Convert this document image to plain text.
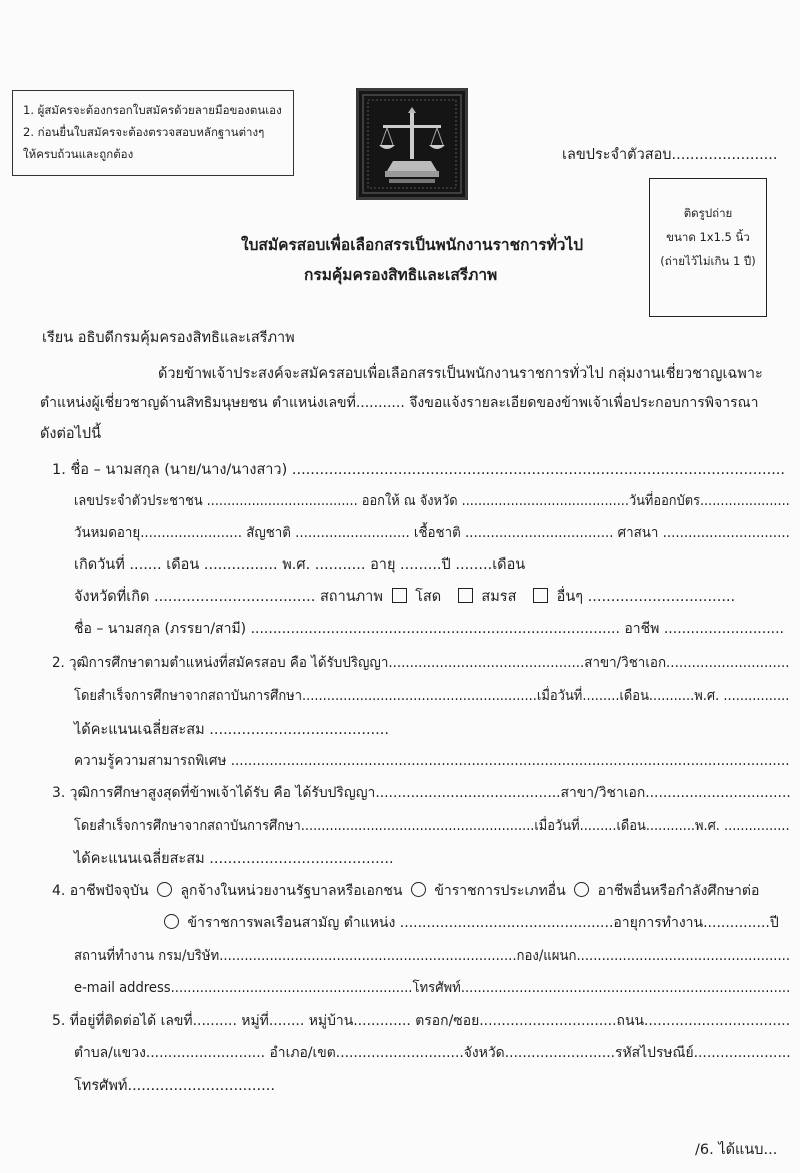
1. ผู้สมัครจะต้องกรอกใบสมัครด้วยลายมือของตนเอง
2. ก่อนยื่นใบสมัครจะต้องตรวจสอบหลักฐานต่างๆ
ให้ครบถ้วนและถูกต้อง	เลขประจำตัวสอบ.......................
ติดรูปถ่าย
ขนาด 1x1.5 นิ้ว
(ถ่ายไว้ไม่เกิน 1 ปี)
ใบสมัครสอบเพื่อเลือกสรรเป็นพนักงานราชการทั่วไป
กรมคุ้มครองสิทธิและเสรีภาพ
เรียน อธิบดีกรมคุ้มครองสิทธิและเสรีภาพ
ด้วยข้าพเจ้าประสงค์จะสมัครสอบเพื่อเลือกสรรเป็นพนักงานราชการทั่วไป กลุ่มงานเชี่ยวชาญเฉพาะ
ตำแหน่งผู้เชี่ยวชาญด้านสิทธิมนุษยชน ตำแหน่งเลขที่........... จึงขอแจ้งรายละเอียดของข้าพเจ้าเพื่อประกอบการพิจารณา
ดังต่อไปนี้
1. ชื่อ – นามสกุล (นาย/นาง/นางสาว) ...........................................................................................................
เลขประจำตัวประชาชน ..................................... ออกให้ ณ จังหวัด .........................................วันที่ออกบัตร......................
วันหมดอายุ........................ สัญชาติ ........................... เชื้อชาติ ................................... ศาสนา ..............................
เกิดวันที่ ....... เดือน ................ พ.ศ. ........... อายุ .........ปี ........เดือน
จังหวัดที่เกิด ................................... สถานภาพ โสด	สมรส	อื่นๆ ................................
ชื่อ – นามสกุล (ภรรยา/สามี) ................................................................................... อาชีพ ...........................
2. วุฒิการศึกษาตามตำแหน่งที่สมัครสอบ คือ ได้รับปริญญา..............................................สาขา/วิชาเอก.............................
โดยสำเร็จการศึกษาจากสถาบันการศึกษา.........................................................เมื่อวันที่.........เดือน...........พ.ศ. ................
ได้คะแนนเฉลี่ยสะสม .......................................
ความรู้ความสามารถพิเศษ ..................................................................................................................................
3. วุฒิการศึกษาสูงสุดที่ข้าพเจ้าได้รับ คือ ได้รับปริญญา..........................................สาขา/วิชาเอก.................................
โดยสำเร็จการศึกษาจากสถาบันการศึกษา.........................................................เมื่อวันที่.........เดือน............พ.ศ. ................
ได้คะแนนเฉลี่ยสะสม ........................................
4. อาชีพปัจจุบัน ลูกจ้างในหน่วยงานรัฐบาลหรือเอกชน ข้าราชการประเภทอื่น อาชีพอื่นหรือกำลังศึกษาต่อ
ข้าราชการพลเรือนสามัญ ตำแหน่ง ................................................อายุการทำงาน...............ปี
สถานที่ทำงาน กรม/บริษัท.......................................................................กอง/แผนก...................................................
e-mail address..........................................................โทรศัพท์...............................................................................
5. ที่อยู่ที่ติดต่อได้ เลขที่.......... หมู่ที่........ หมู่บ้าน............. ตรอก/ซอย...............................ถนน.................................
ตำบล/แขวง........................... อำเภอ/เขต.............................จังหวัด.........................รหัสไปรษณีย์......................
โทรศัพท์................................
/6. ได้แนบ...
